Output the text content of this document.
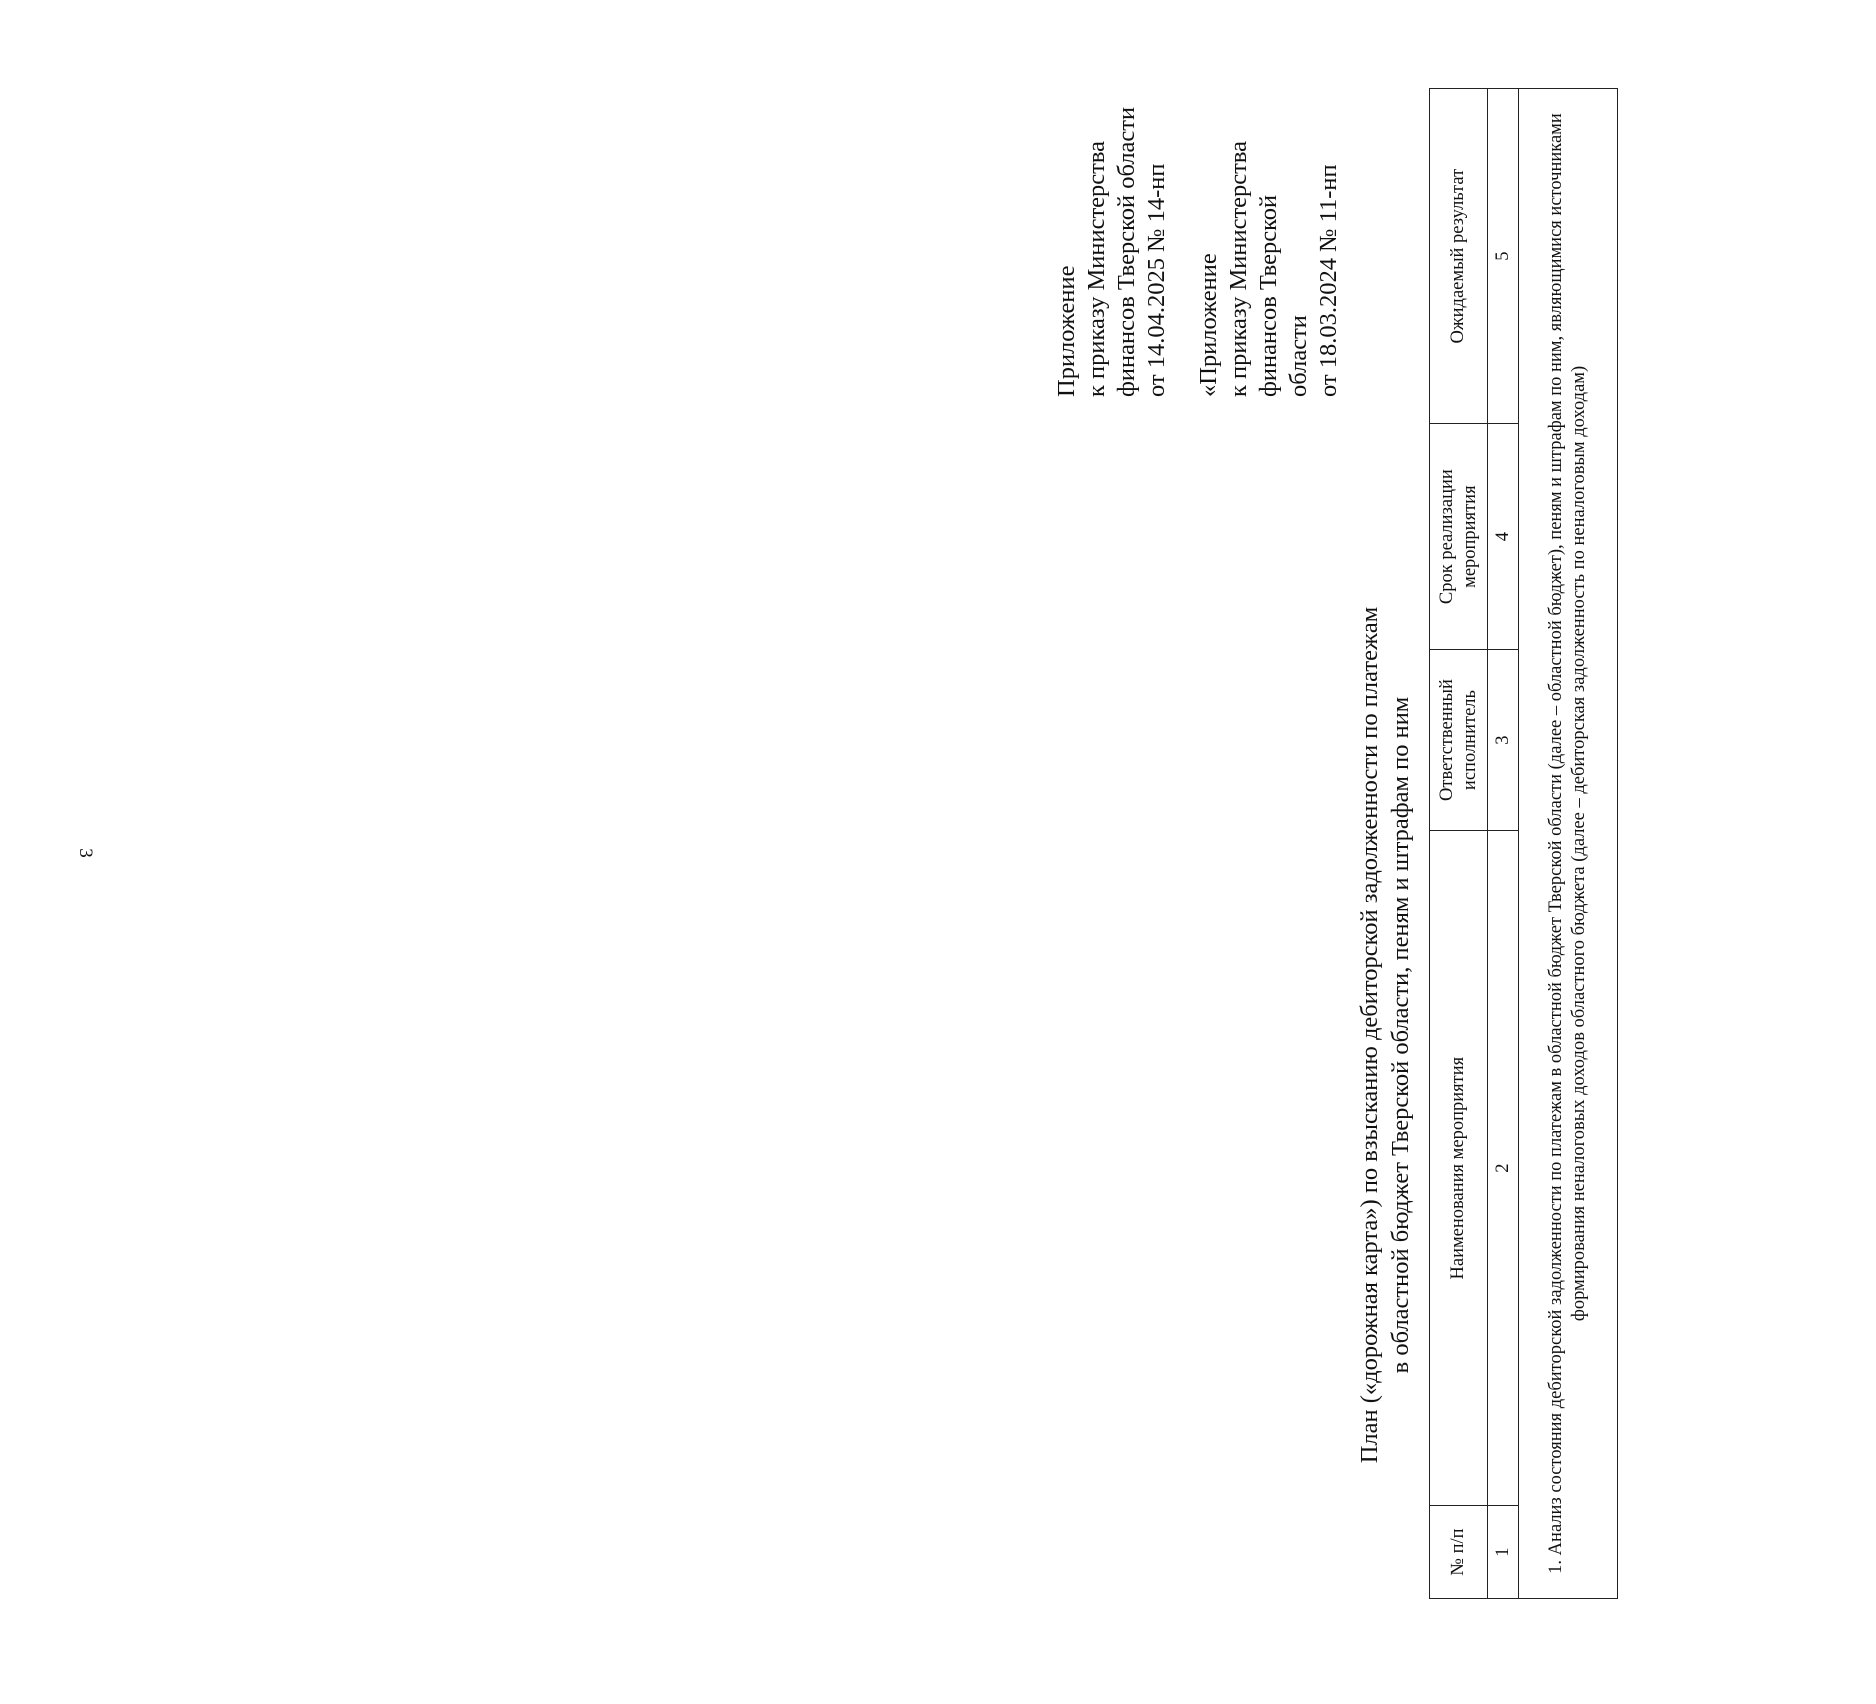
3

Приложение к приказу Министерства финансов Тверской области от 14.04.2025 № 14-нп «Приложение к приказу Министерства финансов Тверской области от 18.03.2024 № 11-нп

План («дорожная карта») по взысканию дебиторской задолженности по платежам в областной бюджет Тверской области, пеням и штрафам по ним

№ п/п	Наименования мероприятия	Ответственный исполнитель	Срок реализации мероприятия	Ожидаемый результат
1	2	3	4	5
1. Анализ состояния дебиторской задолженности по платежам в областной бюджет Тверской области (далее – областной бюджет), пеням и штрафам по ним, являющимися источниками формирования неналоговых доходов областного бюджета (далее – дебиторская задолженность по неналоговым доходам)				
